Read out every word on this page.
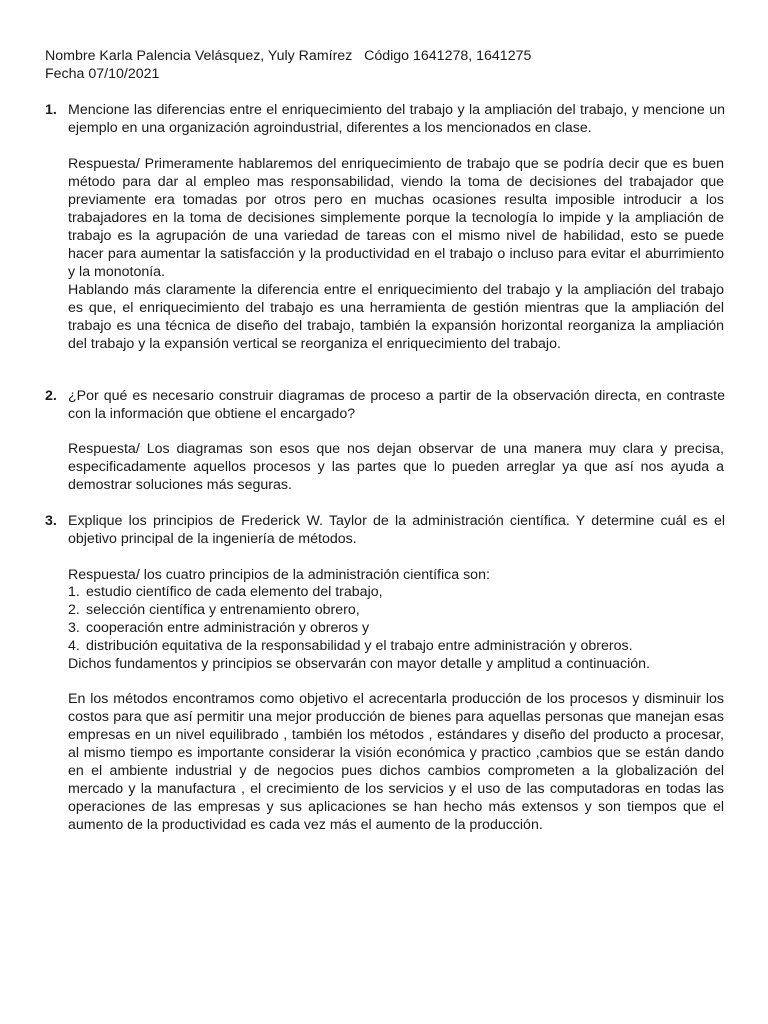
Nombre Karla Palencia Velásquez, Yuly Ramírez   Código 1641278, 1641275
Fecha 07/10/2021
1. Mencione las diferencias entre el enriquecimiento del trabajo y la ampliación del trabajo, y mencione un ejemplo en una organización agroindustrial, diferentes a los mencionados en clase.

Respuesta/ Primeramente hablaremos del enriquecimiento de trabajo que se podría decir que es buen método para dar al empleo mas responsabilidad, viendo la toma de decisiones del trabajador que previamente era tomadas por otros pero en muchas ocasiones resulta imposible introducir a los trabajadores en la toma de decisiones simplemente porque la tecnología lo impide y la ampliación de trabajo es la agrupación de una variedad de tareas con el mismo nivel de habilidad, esto se puede hacer para aumentar la satisfacción y la productividad en el trabajo o incluso para evitar el aburrimiento y la monotonía.

Hablando más claramente la diferencia entre el enriquecimiento del trabajo y la ampliación del trabajo es que, el enriquecimiento del trabajo es una herramienta de gestión mientras que la ampliación del trabajo es una técnica de diseño del trabajo, también la expansión horizontal reorganiza la ampliación del trabajo y la expansión vertical se reorganiza el enriquecimiento del trabajo.

2. ¿Por qué es necesario construir diagramas de proceso a partir de la observación directa, en contraste con la información que obtiene el encargado?

Respuesta/ Los diagramas son esos que nos dejan observar de una manera muy clara y precisa, especificadamente aquellos procesos y las partes que lo pueden arreglar ya que así nos ayuda a demostrar soluciones más seguras.

3. Explique los principios de Frederick W. Taylor de la administración científica. Y determine cuál es el objetivo principal de la ingeniería de métodos.

Respuesta/ los cuatro principios de la administración científica son:

1. estudio científico de cada elemento del trabajo,
2. selección científica y entrenamiento obrero,
3. cooperación entre administración y obreros y
4. distribución equitativa de la responsabilidad y el trabajo entre administración y obreros.

Dichos fundamentos y principios se observarán con mayor detalle y amplitud a continuación.

En los métodos encontramos como objetivo el acrecentarla producción de los procesos y disminuir los costos para que así permitir una mejor producción de bienes para aquellas personas que manejan esas empresas en un nivel equilibrado , también los métodos , estándares y diseño del producto a procesar, al mismo tiempo es importante considerar la visión económica y practico ,cambios que se están dando en el ambiente industrial y de negocios pues dichos cambios comprometen a la globalización del mercado y la manufactura , el crecimiento de los servicios y el uso de las computadoras en todas las operaciones de las empresas y sus aplicaciones se han hecho más extensos y son tiempos que el aumento de la productividad es cada vez más el aumento de la producción.
